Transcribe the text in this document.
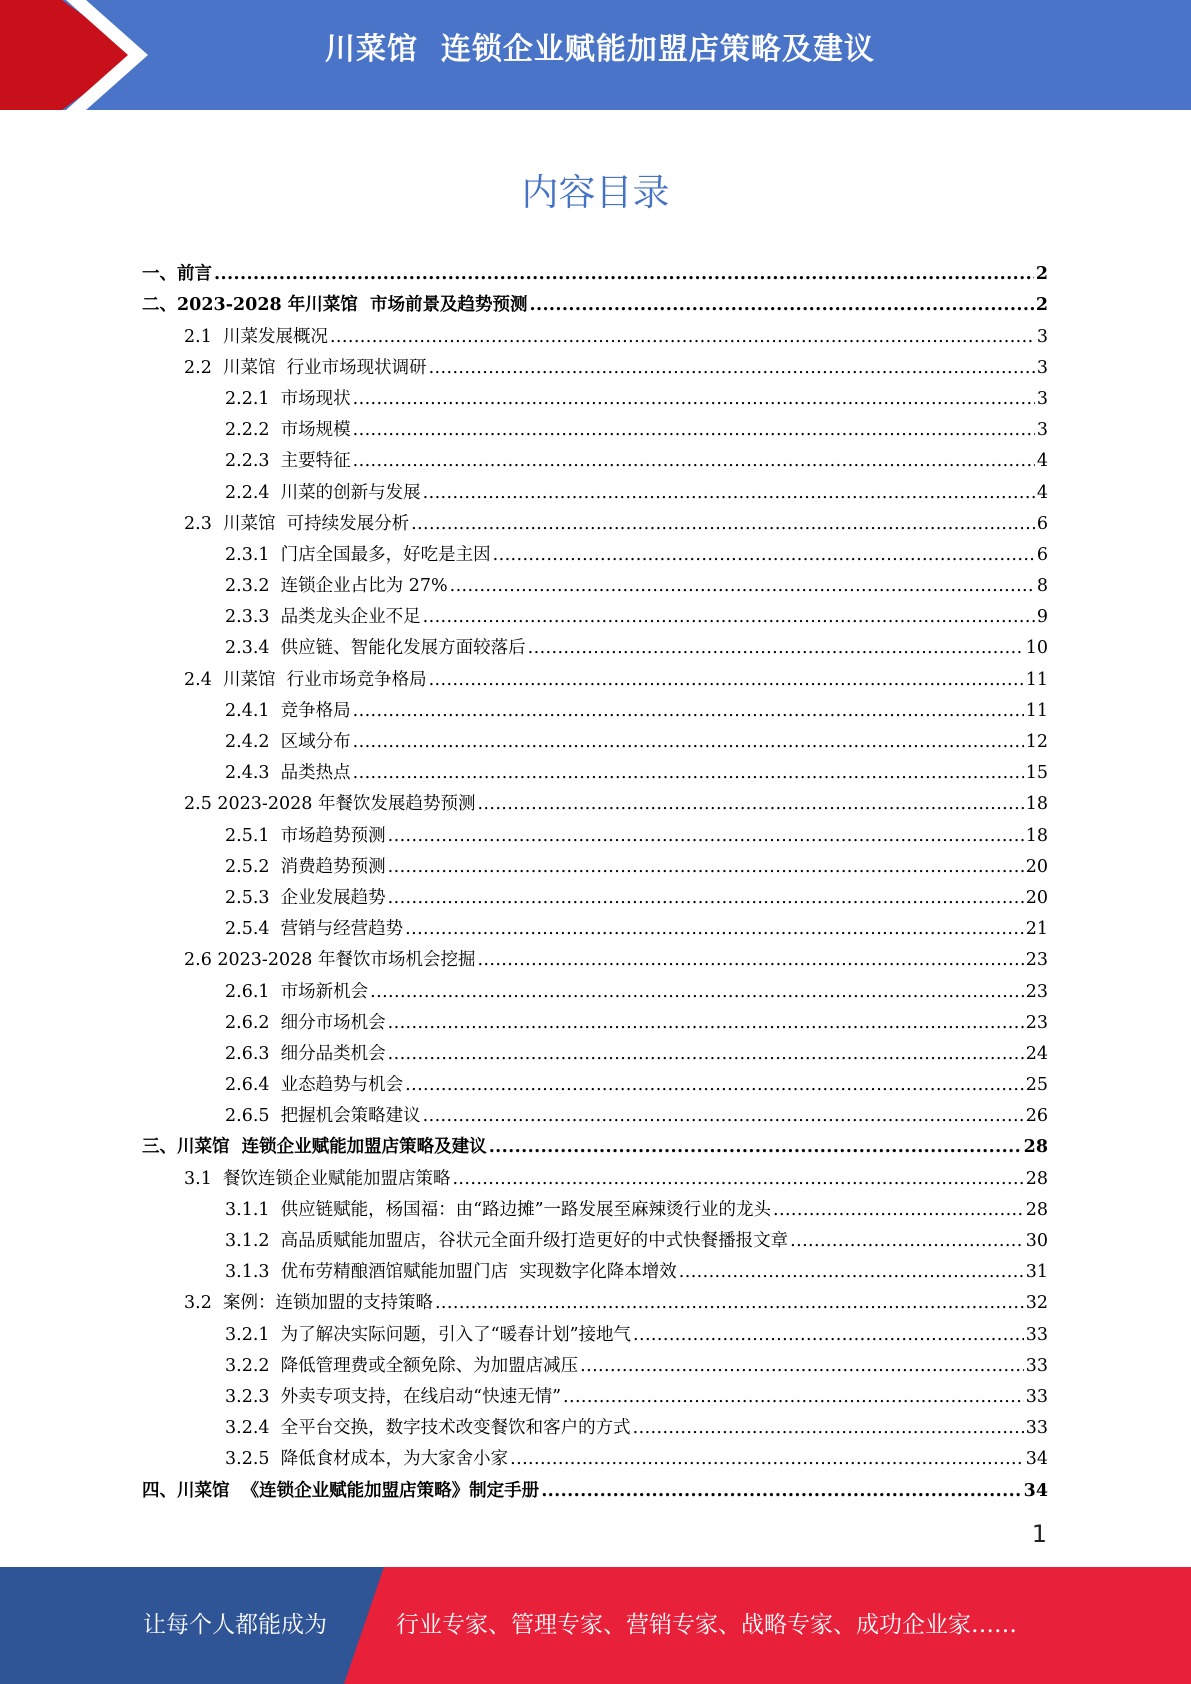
川菜馆  连锁企业赋能加盟店策略及建议
内容目录
一、前言 .....	2
二、2023-2028 年川菜馆  市场前景及趋势预测 .....	2
2.1  川菜发展概况 .....	3
2.2  川菜馆  行业市场现状调研 .....	3
2.2.1  市场现状 .....	3
2.2.2  市场规模 .....	3
2.2.3  主要特征 .....	4
2.2.4  川菜的创新与发展 .....	4
2.3  川菜馆  可持续发展分析 .....	6
2.3.1  门店全国最多，好吃是主因 .....	6
2.3.2  连锁企业占比为 27% .....	8
2.3.3  品类龙头企业不足 .....	9
2.3.4  供应链、智能化发展方面较落后 .....	10
2.4  川菜馆  行业市场竞争格局 .....	11
2.4.1  竞争格局 .....	11
2.4.2  区域分布 .....	12
2.4.3  品类热点 .....	15
2.5 2023-2028 年餐饮发展趋势预测 .....	18
2.5.1  市场趋势预测 .....	18
2.5.2  消费趋势预测 .....	20
2.5.3  企业发展趋势 .....	20
2.5.4  营销与经营趋势 .....	21
2.6 2023-2028 年餐饮市场机会挖掘 .....	23
2.6.1  市场新机会 .....	23
2.6.2  细分市场机会 .....	23
2.6.3  细分品类机会 .....	24
2.6.4  业态趋势与机会 .....	25
2.6.5  把握机会策略建议 .....	26
三、川菜馆  连锁企业赋能加盟店策略及建议 .....	28
3.1  餐饮连锁企业赋能加盟店策略 .....	28
3.1.1  供应链赋能，杨国福：由“路边摊”一路发展至麻辣烫行业的龙头 .....	28
3.1.2  高品质赋能加盟店，谷状元全面升级打造更好的中式快餐播报文章 .....	30
3.1.3  优布劳精酿酒馆赋能加盟门店  实现数字化降本增效 .....	31
3.2  案例：连锁加盟的支持策略 .....	32
3.2.1  为了解决实际问题，引入了“暖春计划”接地气 .....	33
3.2.2  降低管理费或全额免除、为加盟店减压 .....	33
3.2.3  外卖专项支持，在线启动“快速无情” .....	33
3.2.4  全平台交换，数字技术改变餐饮和客户的方式 .....	33
3.2.5  降低食材成本，为大家舍小家 .....	34
四、川菜馆  《连锁企业赋能加盟店策略》制定手册 .....	34
1
让每个人都能成为	行业专家、管理专家、营销专家、战略专家、成功企业家……
